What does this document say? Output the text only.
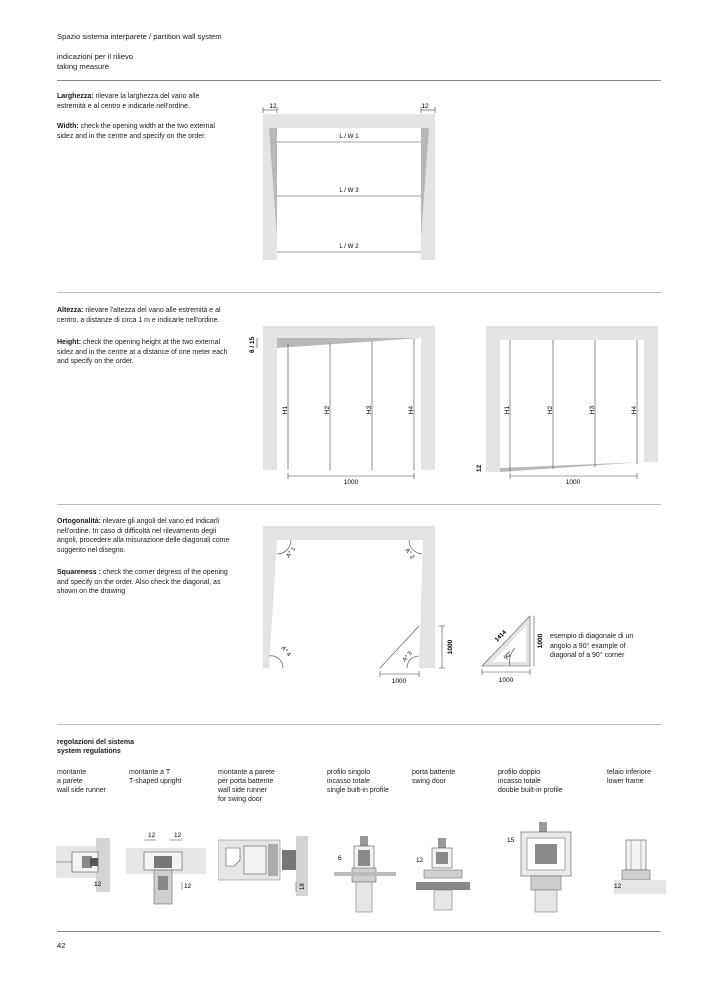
Spazio sistema interparete / partition wall system
indicazioni per il rilievo
taking measure
Larghezza: rilevare la larghezza del vano alle estremità e al centro e indicarle nell'ordine.
Width: check the opening width at the two external sidez and in the centre and specify on the order.
12	12
L / W 1
L / W 3
L / W 2
Altezza: rilevare l'altezza del vano alle estremità e al centro, a distanze di circa 1 m e indicarle nell'ordine.
Height: check the opening height at the two external sidez and in the centre at a distance of one meter each and specify on the order.
6 / 15
H1	H2	H3	H4
1000
12
H1	H2	H3	H4
1000
Ortogonalità: rilevare gli angoli del vano ed indicarli nell'ordine. In caso di difficoltà nel rilevamento degli angoli, procedere alla misurazione delle diagonali come suggerito nel disegno.
Squareness : check the corner degress of the opening and specify on the order. Also check the diagonal, as shown on the drawing
A° 1	A° 2
A° 3
A° 4	1000
1000
1414
90°
1000
1000
esempio di diagonale di un angolo a 90° example of diagonal of a 90° corner
regolazioni del sistema
system regulations
montante
a parete
wall side runner
montante a T
T-shaped upright
montante a parete
per porta battente
wall side runner
for swing door
profilo singolo
incasso totale
single built-in profile
porta battente
swing door
profilo doppio
incasso totale
double built-in profile
telaio inferiore
lower frame
12
12	12
12	18
6	12
15
12
42
